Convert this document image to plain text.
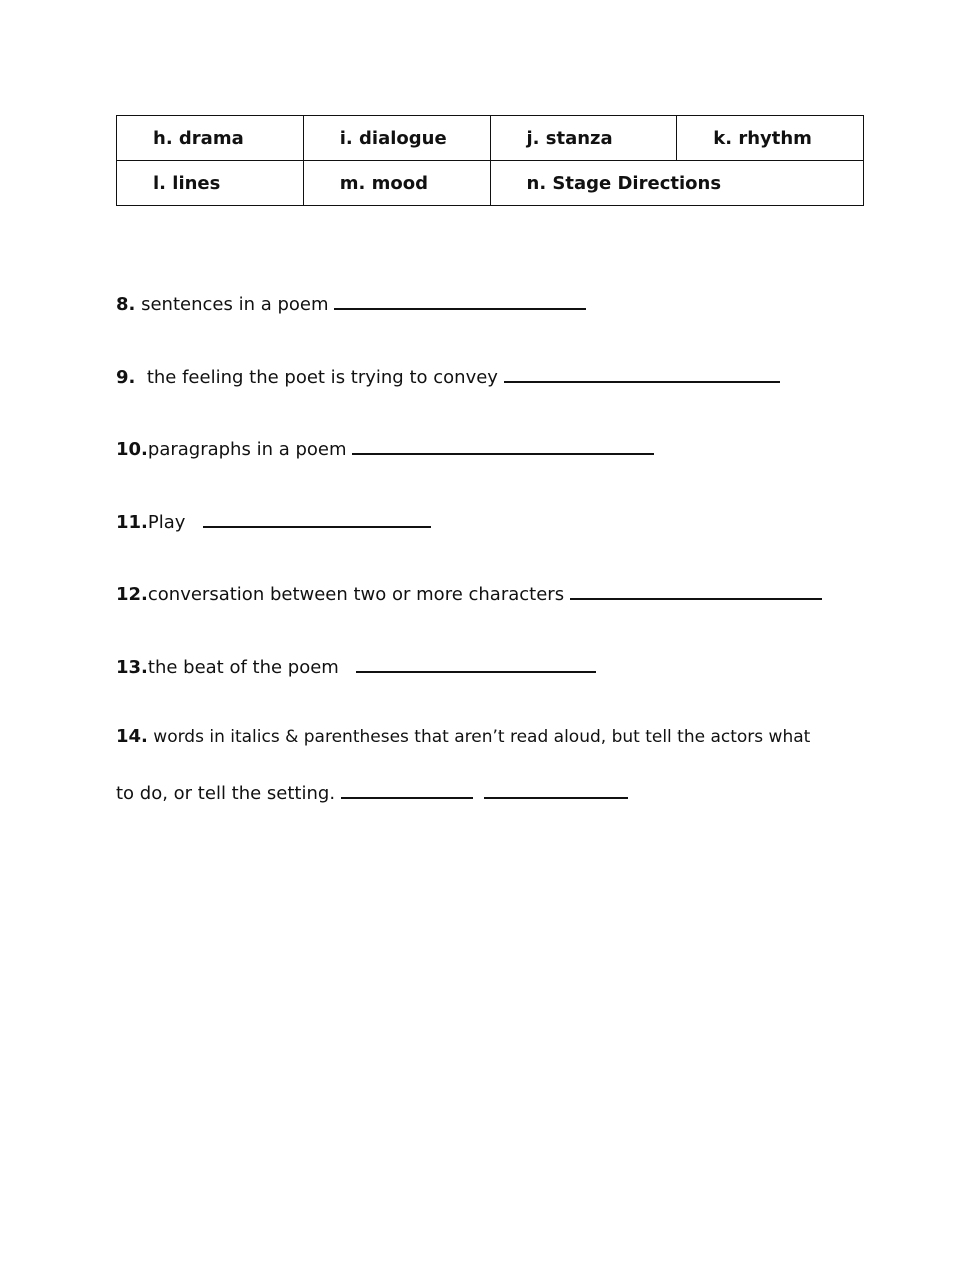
h. drama	i. dialogue	j. stanza	k. rhythm
l. lines	m. mood	n. Stage Directions	
8. sentences in a poem
9. the feeling the poet is trying to convey
10.paragraphs in a poem
11.Play
12.conversation between two or more characters
13.the beat of the poem
14. words in italics & parentheses that aren’t read aloud, but tell the actors what
to do, or tell the setting.
